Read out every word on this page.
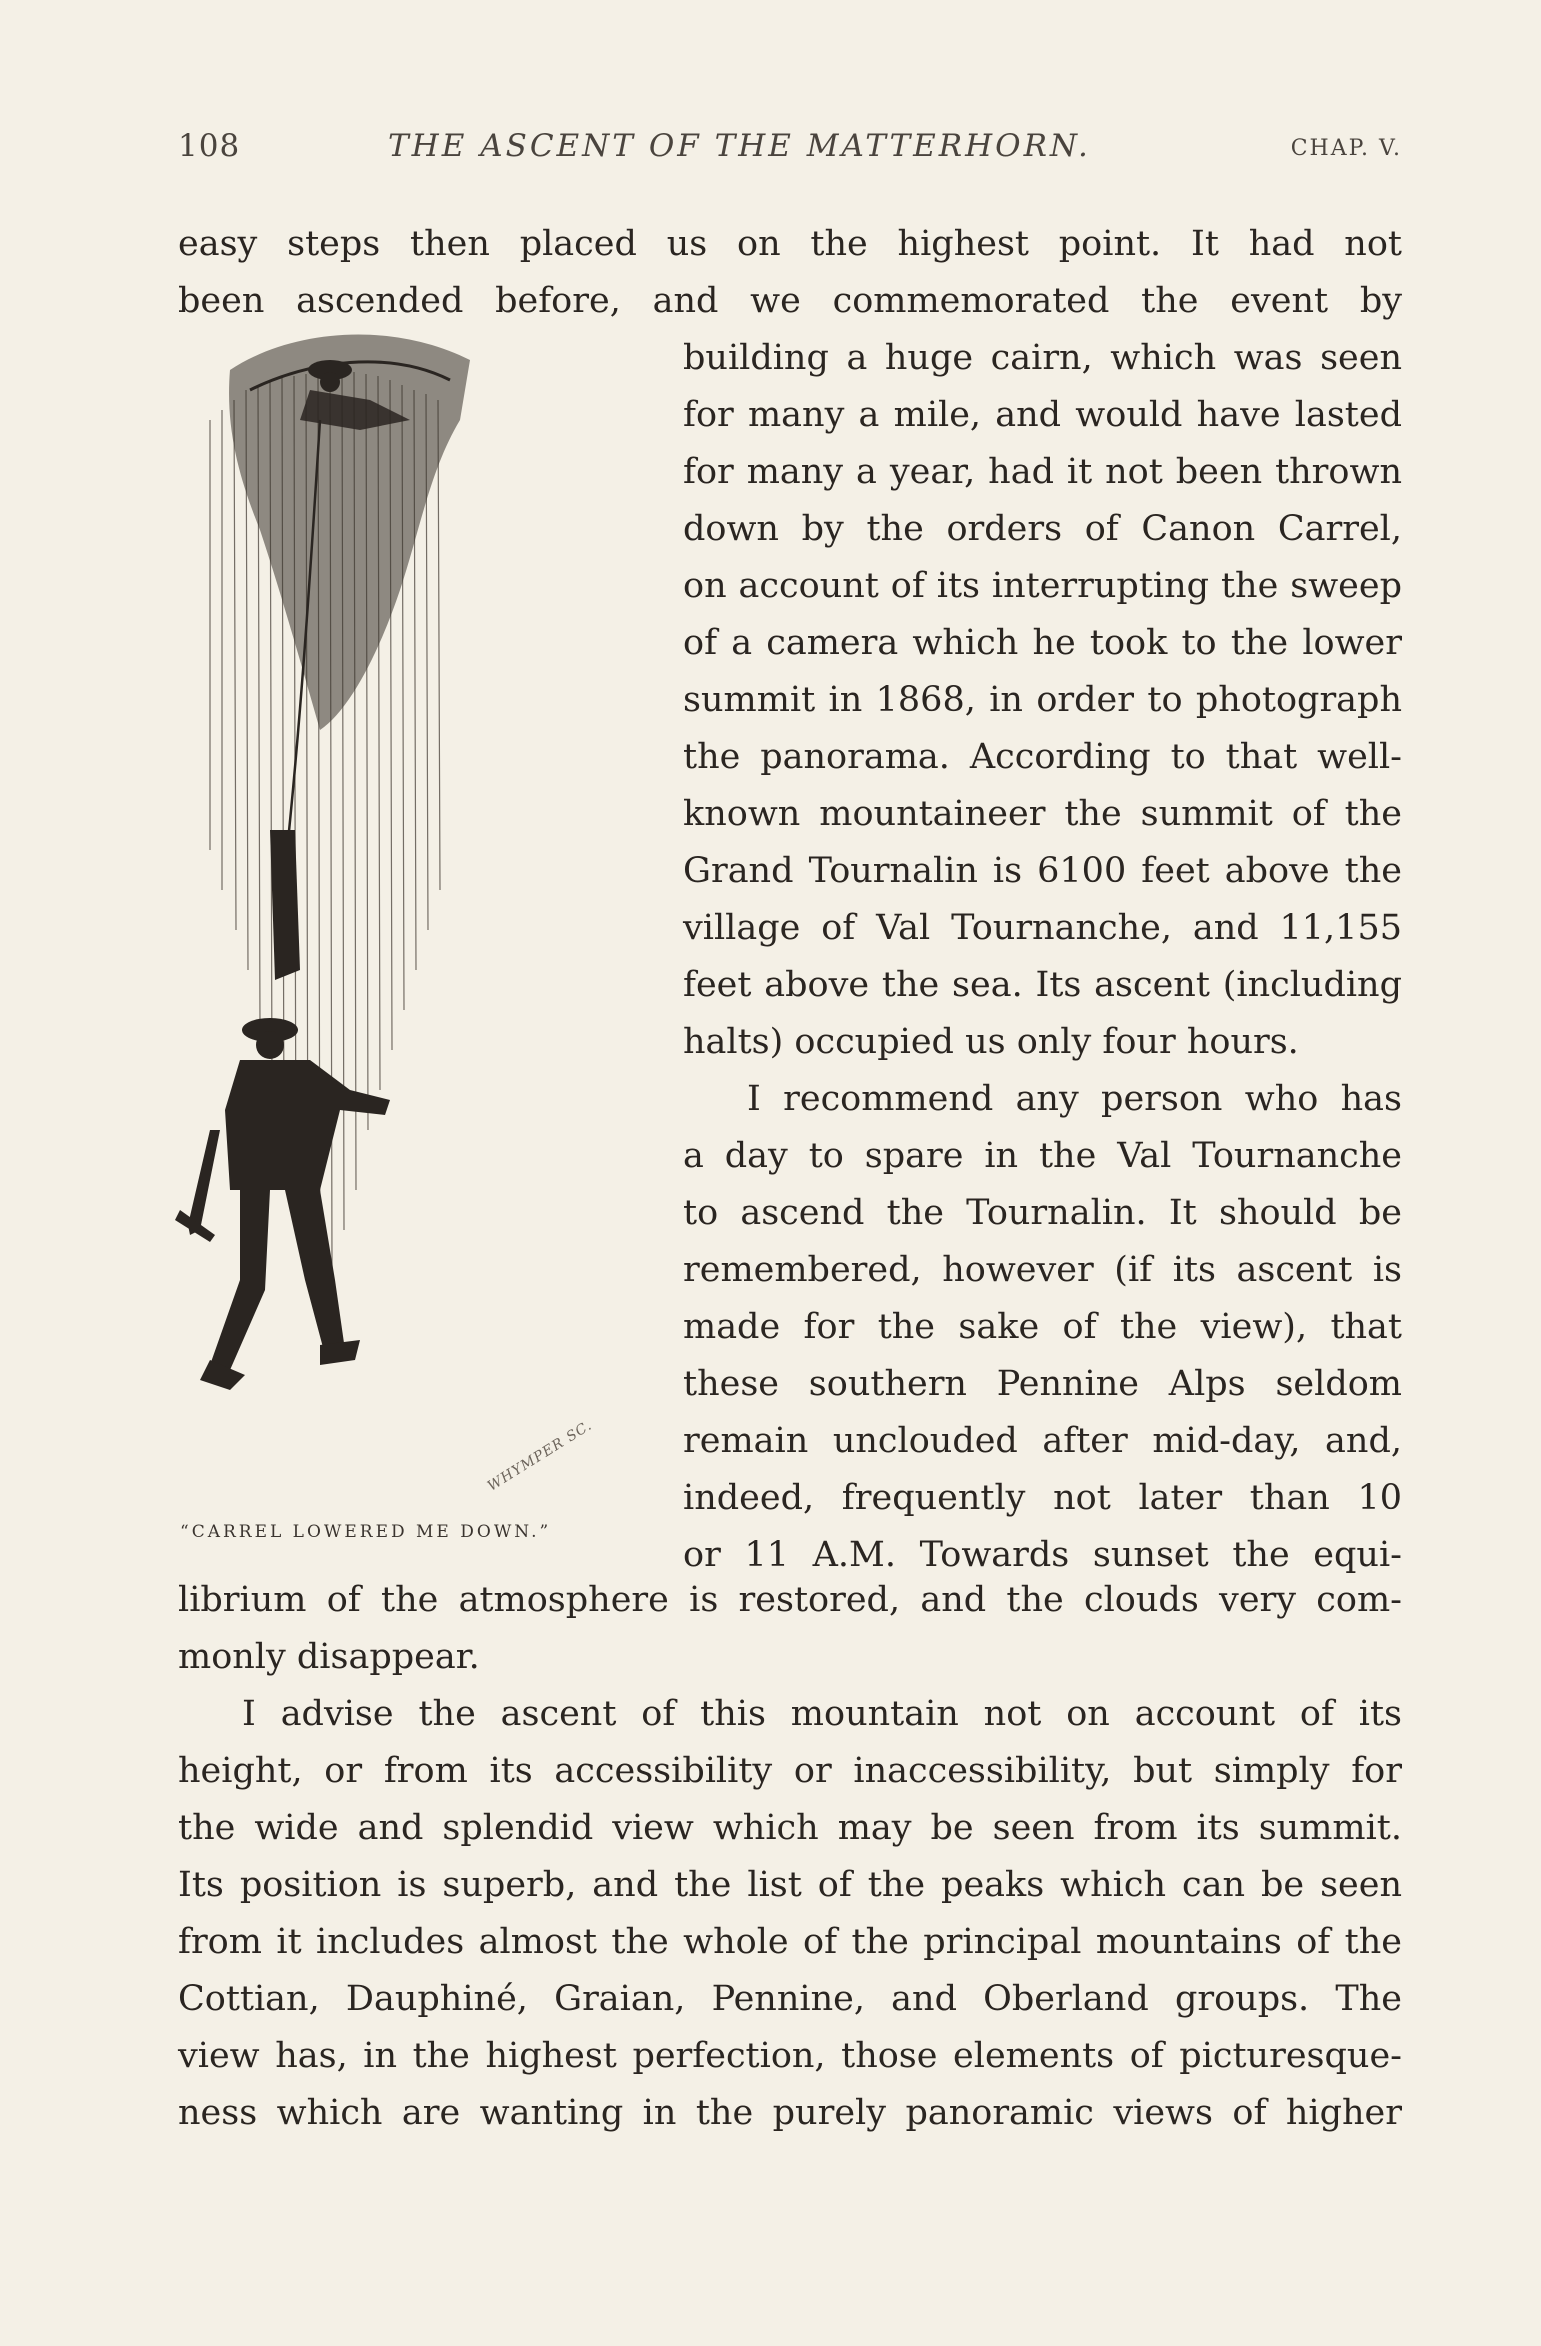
108	THE ASCENT OF THE MATTERHORN.	CHAP. V.
easy steps then placed us on the highest point. It had not
been ascended before, and we commemorated the event by
WHYMPER SC.
“CARREL LOWERED ME DOWN.”
building a huge cairn, which was seen
for many a mile, and would have lasted
for many a year, had it not been thrown
down by the orders of Canon Carrel,
on account of its interrupting the sweep
of a camera which he took to the lower
summit in 1868, in order to photograph
the panorama. According to that well-
known mountaineer the summit of the
Grand Tournalin is 6100 feet above the
village of Val Tournanche, and 11,155
feet above the sea. Its ascent (including
halts) occupied us only four hours.
I recommend any person who has
a day to spare in the Val Tournanche
to ascend the Tournalin. It should be
remembered, however (if its ascent is
made for the sake of the view), that
these southern Pennine Alps seldom
remain unclouded after mid-day, and,
indeed, frequently not later than 10
or 11 A.M. Towards sunset the equi-
librium of the atmosphere is restored, and the clouds very com-
monly disappear.
I advise the ascent of this mountain not on account of its
height, or from its accessibility or inaccessibility, but simply for
the wide and splendid view which may be seen from its summit.
Its position is superb, and the list of the peaks which can be seen
from it includes almost the whole of the principal mountains of the
Cottian, Dauphiné, Graian, Pennine, and Oberland groups. The
view has, in the highest perfection, those elements of picturesque-
ness which are wanting in the purely panoramic views of higher
